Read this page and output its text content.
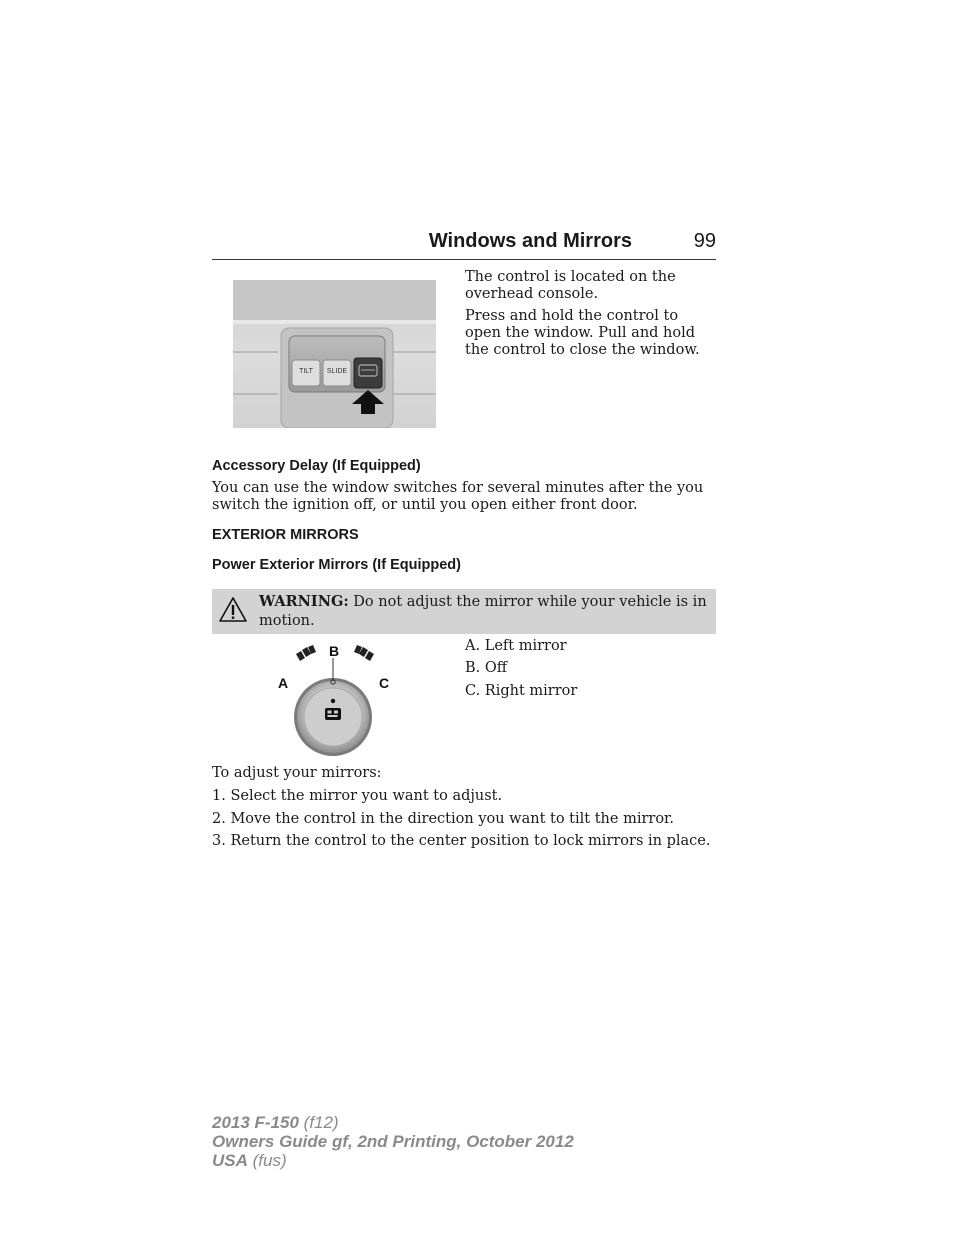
Windows and Mirrors	99
TILT SLIDE
The control is located on the overhead console.
Press and hold the control to open the window. Pull and hold the control to close the window.
Accessory Delay (If Equipped)
You can use the window switches for several minutes after the you switch the ignition off, or until you open either front door.
EXTERIOR MIRRORS
Power Exterior Mirrors (If Equipped)
WARNING: Do not adjust the mirror while your vehicle is in motion.
B
A	C
A. Left mirror
B. Off
C. Right mirror
To adjust your mirrors:
1. Select the mirror you want to adjust.
2. Move the control in the direction you want to tilt the mirror.
3. Return the control to the center position to lock mirrors in place.
2013 F-150 (f12)
Owners Guide gf, 2nd Printing, October 2012
USA (fus)
